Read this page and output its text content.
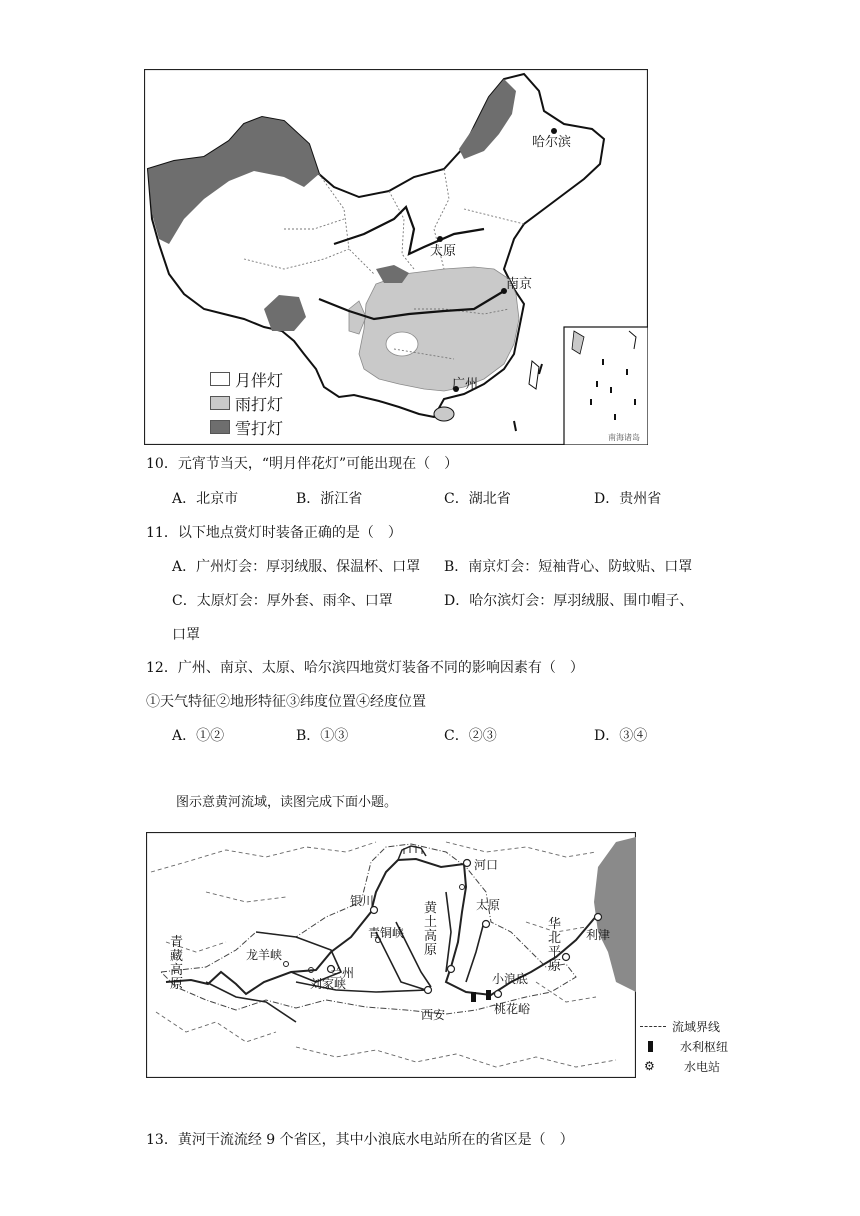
哈尔滨
太原
南京
广州
南海诸岛
月伴灯
雨打灯
雪打灯
10．元宵节当天，“明月伴花灯”可能出现在（　）
A．北京市	B．浙江省	C．湖北省	D．贵州省
11．以下地点赏灯时装备正确的是（　）
A．广州灯会：厚羽绒服、保温杯、口罩 B．南京灯会：短袖背心、防蚊贴、口罩
C．太原灯会：厚外套、雨伞、口罩	D．哈尔滨灯会：厚羽绒服、围巾帽子、
口罩
12．广州、南京、太原、哈尔滨四地赏灯装备不同的影响因素有（　）
①天气特征②地形特征③纬度位置④经度位置
A．①②	B．①③	C．②③	D．③④
图示意黄河流域，读图完成下面小题。
青藏高原
龙羊峡
兰州
刘家峡
银川
青铜峡
黄土高原
河口
太原
华北平原
利津
小浪底
桃花峪
西安
流域界线
水利枢纽
⚙	水电站
13．黄河干流流经 9 个省区，其中小浪底水电站所在的省区是（　）
